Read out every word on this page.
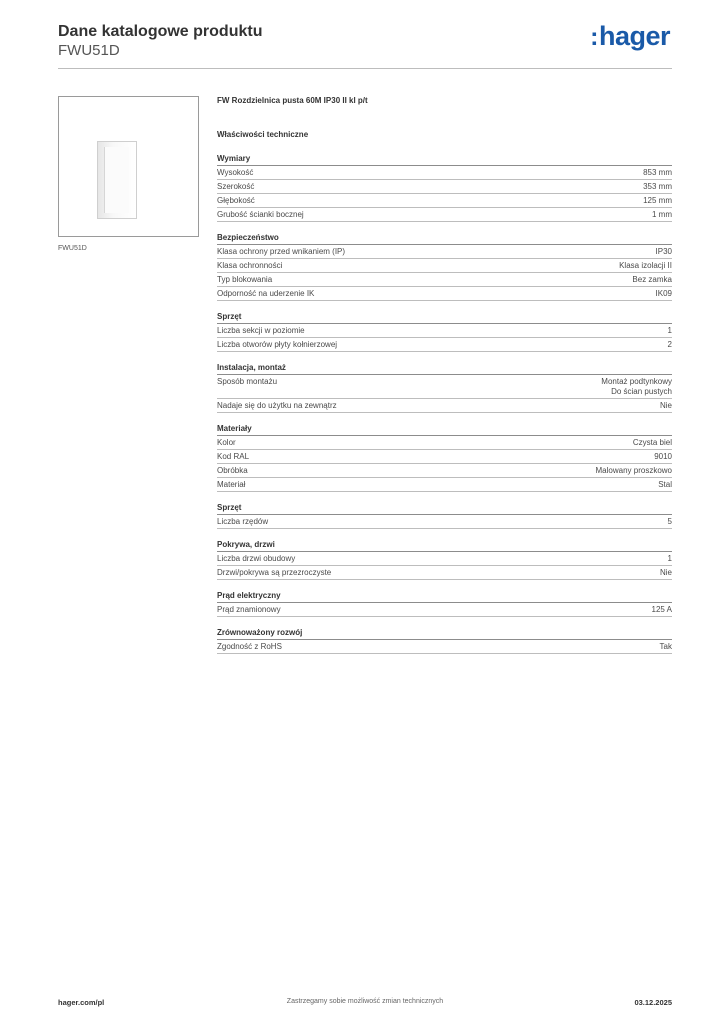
Dane katalogowe produktu
FWU51D	:hager
FWU51D
FW Rozdzielnica pusta 60M IP30 II kl p/t
Właściwości techniczne
Wymiary
Wysokość	853 mm
Szerokość	353 mm
Głębokość	125 mm
Grubość ścianki bocznej	1 mm
Bezpieczeństwo
Klasa ochrony przed wnikaniem (IP)	IP30
Klasa ochronności	Klasa izolacji II
Typ blokowania	Bez zamka
Odporność na uderzenie IK	IK09
Sprzęt
Liczba sekcji w poziomie	1
Liczba otworów płyty kołnierzowej	2
Instalacja, montaż
Sposób montażu	Montaż podtynkowy
Do ścian pustych
Nadaje się do użytku na zewnątrz	Nie
Materiały
Kolor	Czysta biel
Kod RAL	9010
Obróbka	Malowany proszkowo
Materiał	Stal
Sprzęt
Liczba rzędów	5
Pokrywa, drzwi
Liczba drzwi obudowy	1
Drzwi/pokrywa są przezroczyste	Nie
Prąd elektryczny
Prąd znamionowy	125 A
Zrównoważony rozwój
Zgodność z RoHS	Tak
hager.com/pl	Zastrzegamy sobie możliwość zmian technicznych	03.12.2025
